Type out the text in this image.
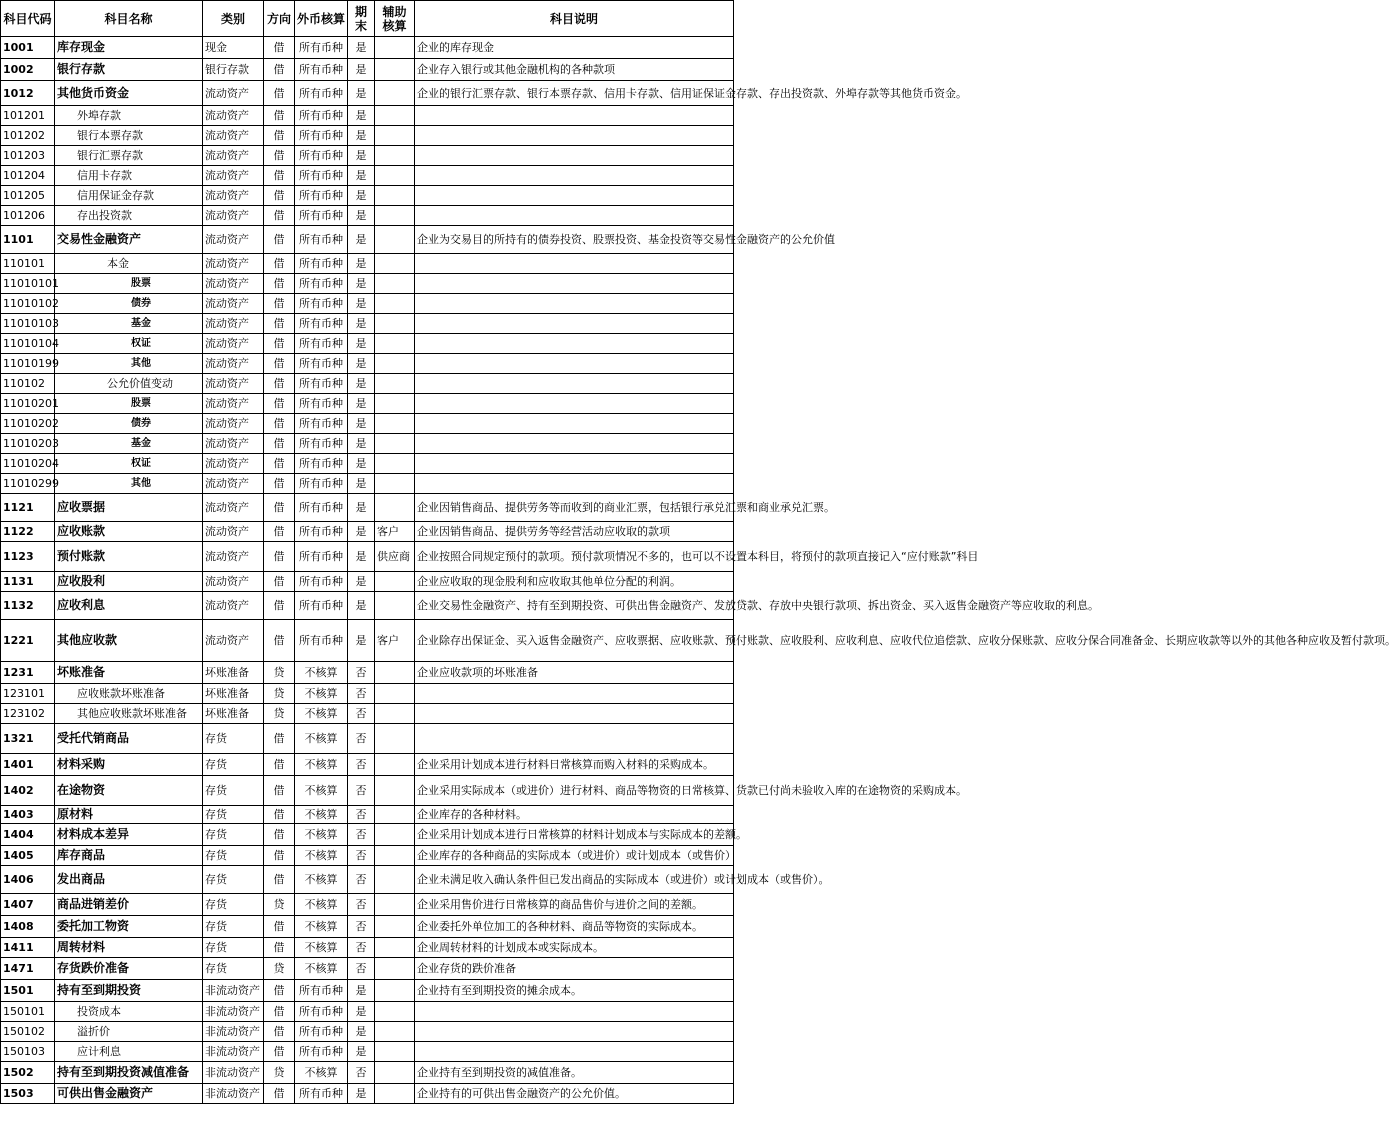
科目代码	科目名称	类别	方向	外币核算	期末	辅助核算	科目说明
1001	库存现金	现金	借	所有币种	是		企业的库存现金
1002	银行存款	银行存款	借	所有币种	是		企业存入银行或其他金融机构的各种款项
1012	其他货币资金	流动资产	借	所有币种	是		企业的银行汇票存款、银行本票存款、信用卡存款、信用证保证金存款、存出投资款、外埠存款等其他货币资金。
101201	外埠存款	流动资产	借	所有币种	是		
101202	银行本票存款	流动资产	借	所有币种	是		
101203	银行汇票存款	流动资产	借	所有币种	是		
101204	信用卡存款	流动资产	借	所有币种	是		
101205	信用保证金存款	流动资产	借	所有币种	是		
101206	存出投资款	流动资产	借	所有币种	是		
1101	交易性金融资产	流动资产	借	所有币种	是		企业为交易目的所持有的债券投资、股票投资、基金投资等交易性金融资产的公允价值
110101	本金	流动资产	借	所有币种	是		
11010101	股票	流动资产	借	所有币种	是		
11010102	债券	流动资产	借	所有币种	是		
11010103	基金	流动资产	借	所有币种	是		
11010104	权证	流动资产	借	所有币种	是		
11010199	其他	流动资产	借	所有币种	是		
110102	公允价值变动	流动资产	借	所有币种	是		
11010201	股票	流动资产	借	所有币种	是		
11010202	债券	流动资产	借	所有币种	是		
11010203	基金	流动资产	借	所有币种	是		
11010204	权证	流动资产	借	所有币种	是		
11010299	其他	流动资产	借	所有币种	是		
1121	应收票据	流动资产	借	所有币种	是		企业因销售商品、提供劳务等而收到的商业汇票，包括银行承兑汇票和商业承兑汇票。
1122	应收账款	流动资产	借	所有币种	是	客户	企业因销售商品、提供劳务等经营活动应收取的款项
1123	预付账款	流动资产	借	所有币种	是	供应商	企业按照合同规定预付的款项。预付款项情况不多的，也可以不设置本科目，将预付的款项直接记入“应付账款”科目
1131	应收股利	流动资产	借	所有币种	是		企业应收取的现金股利和应收取其他单位分配的利润。
1132	应收利息	流动资产	借	所有币种	是		企业交易性金融资产、持有至到期投资、可供出售金融资产、发放贷款、存放中央银行款项、拆出资金、买入返售金融资产等应收取的利息。
1221	其他应收款	流动资产	借	所有币种	是	客户	企业除存出保证金、买入返售金融资产、应收票据、应收账款、预付账款、应收股利、应收利息、应收代位追偿款、应收分保账款、应收分保合同准备金、长期应收款等以外的其他各种应收及暂付款项。
1231	坏账准备	坏账准备	贷	不核算	否		企业应收款项的坏账准备
123101	应收账款坏账准备	坏账准备	贷	不核算	否		
123102	其他应收账款坏账准备	坏账准备	贷	不核算	否		
1321	受托代销商品	存货	借	不核算	否		
1401	材料采购	存货	借	不核算	否		企业采用计划成本进行材料日常核算而购入材料的采购成本。
1402	在途物资	存货	借	不核算	否		企业采用实际成本（或进价）进行材料、商品等物资的日常核算、货款已付尚未验收入库的在途物资的采购成本。
1403	原材料	存货	借	不核算	否		企业库存的各种材料。
1404	材料成本差异	存货	借	不核算	否		企业采用计划成本进行日常核算的材料计划成本与实际成本的差额。
1405	库存商品	存货	借	不核算	否		企业库存的各种商品的实际成本（或进价）或计划成本（或售价）
1406	发出商品	存货	借	不核算	否		企业未满足收入确认条件但已发出商品的实际成本（或进价）或计划成本（或售价）。
1407	商品进销差价	存货	贷	不核算	否		企业采用售价进行日常核算的商品售价与进价之间的差额。
1408	委托加工物资	存货	借	不核算	否		企业委托外单位加工的各种材料、商品等物资的实际成本。
1411	周转材料	存货	借	不核算	否		企业周转材料的计划成本或实际成本。
1471	存货跌价准备	存货	贷	不核算	否		企业存货的跌价准备
1501	持有至到期投资	非流动资产	借	所有币种	是		企业持有至到期投资的摊余成本。
150101	投资成本	非流动资产	借	所有币种	是		
150102	溢折价	非流动资产	借	所有币种	是		
150103	应计利息	非流动资产	借	所有币种	是		
1502	持有至到期投资减值准备	非流动资产	贷	不核算	否		企业持有至到期投资的减值准备。
1503	可供出售金融资产	非流动资产	借	所有币种	是		企业持有的可供出售金融资产的公允价值。
